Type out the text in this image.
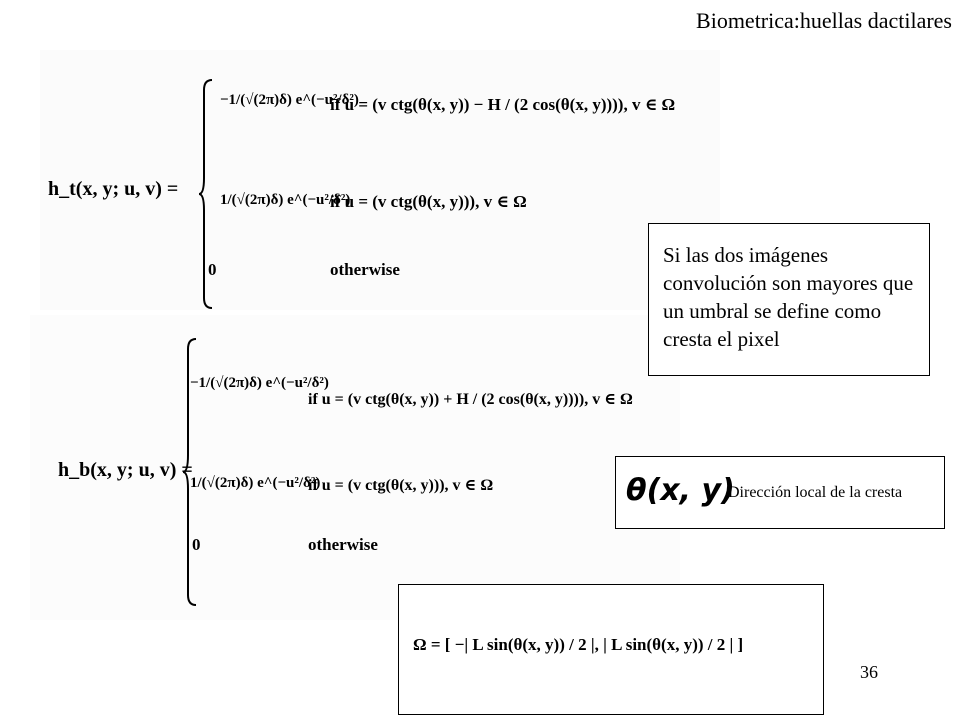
Biometrica:huellas dactilares
h_t(x, y; u, v) =
−1/(√(2π)δ) e^(−u²/δ²)
if u = (v ctg(θ(x, y)) − H / (2 cos(θ(x, y)))), v ∈ Ω
1/(√(2π)δ) e^(−u²/δ²)
if u = (v ctg(θ(x, y))), v ∈ Ω
0	otherwise
h_b(x, y; u, v) =
−1/(√(2π)δ) e^(−u²/δ²)
if u = (v ctg(θ(x, y)) + H / (2 cos(θ(x, y)))), v ∈ Ω
1/(√(2π)δ) e^(−u²/δ²)
if u = (v ctg(θ(x, y))), v ∈ Ω
0	otherwise
Si las dos imágenes convolución son mayores que un umbral se define como cresta el pixel
θ(x, y)
Dirección local de la cresta
Ω = [ −| L sin(θ(x, y)) / 2 |, | L sin(θ(x, y)) / 2 | ]
36
